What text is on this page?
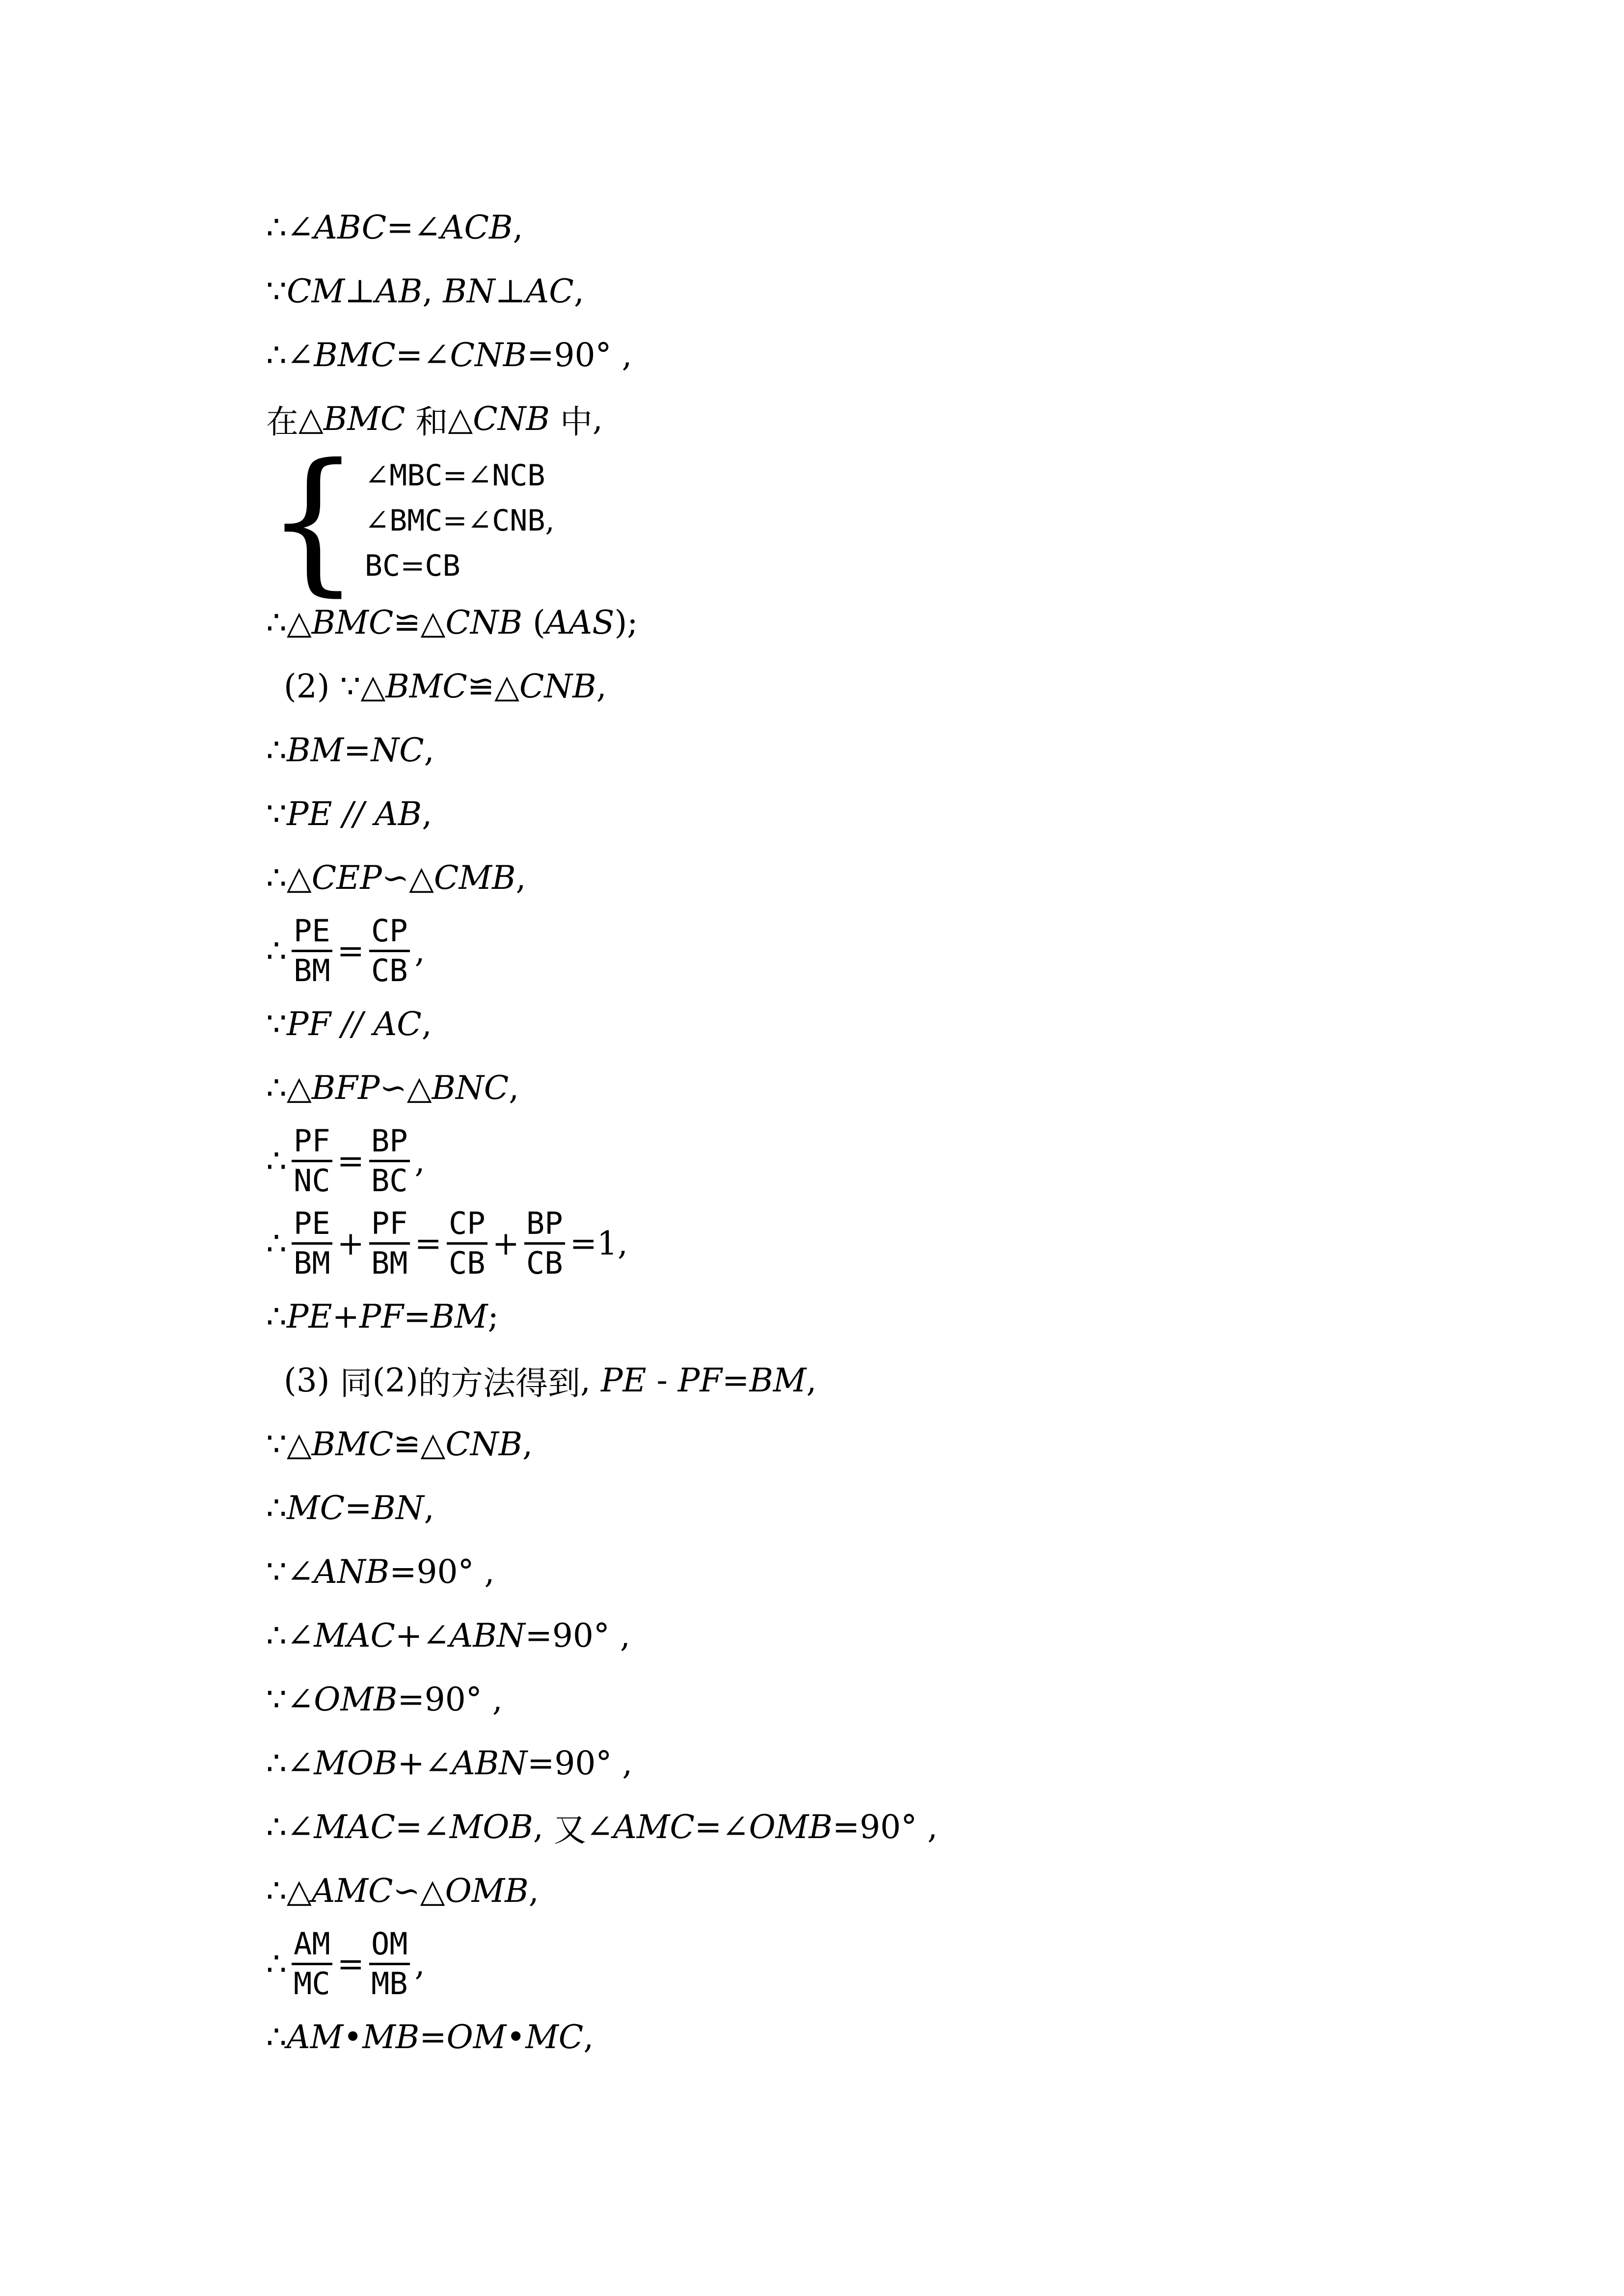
∴∠ ABC =∠ ACB ,
∵ CM ⊥ AB , BN ⊥ AC ,
∴∠ BMC =∠ CNB =90° ,
在 △ BMC 和 △ CNB 中 ,
{ ∠ MBC =∠ NCB
∠ BMC =∠ CNB ,
BC = CB
∴△ BMC ≌△ CNB ( AAS );
(2) ∵△ BMC ≌△ CNB ,
∴ BM = NC ,
∵ PE // AB ,
∴△ CEP ∽△ CMB ,
∴
PE
BM
=
CP
CB
,
∵ PF // AC ,
∴△ BFP ∽△ BNC ,
∴
PF
NC
=
BP
BC
,
∴
PE
BM
+
PF
BM
=
CP
CB
+
BP
CB
=1,
∴ PE + PF = BM ;
(3) 同 (2) 的方法得到 , PE - PF = BM ,
∵△ BMC ≌△ CNB ,
∴ MC = BN ,
∵∠ ANB =90° ,
∴∠ MAC +∠ ABN =90° ,
∵∠ OMB =90° ,
∴∠ MOB +∠ ABN =90° ,
∴∠ MAC =∠ MOB , 又 ∠ AMC =∠ OMB =90° ,
∴△ AMC ∽△ OMB ,
∴
AM
MC
=
OM
MB
,
∴ AM • MB = OM • MC ,
